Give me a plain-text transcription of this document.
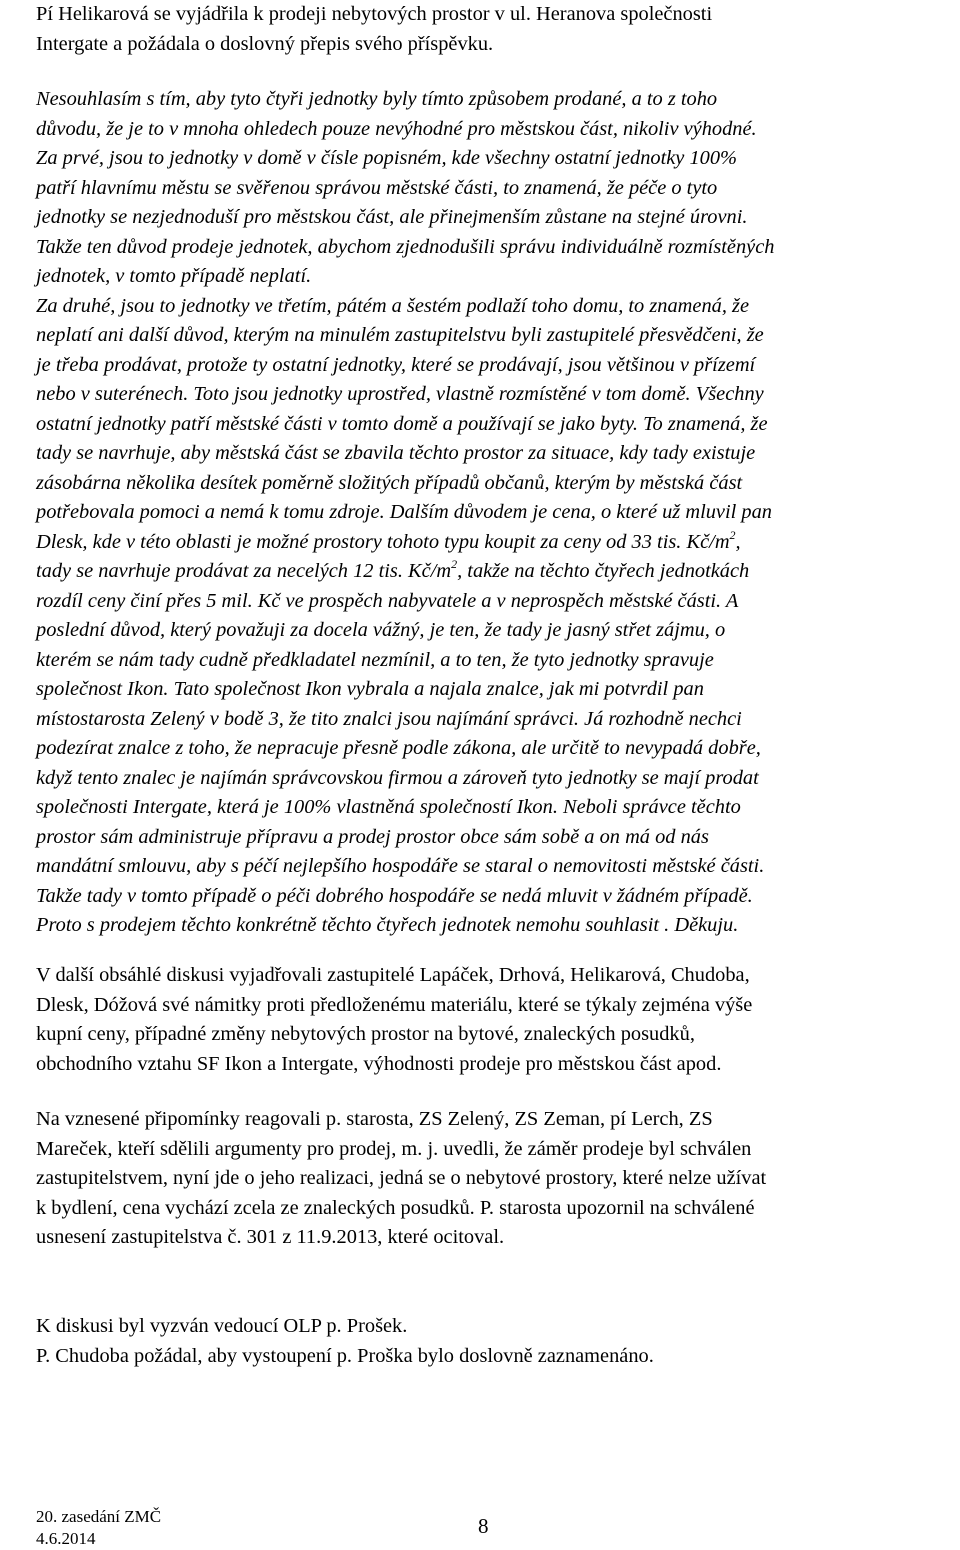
Pí Helikarová se vyjádřila k prodeji nebytových prostor v ul. Heranova společnosti
Intergate a požádala o doslovný přepis svého příspěvku.
Nesouhlasím s tím, aby tyto čtyři jednotky byly tímto způsobem prodané, a to z toho
důvodu, že je to v mnoha ohledech pouze nevýhodné pro městskou část, nikoliv výhodné.
Za prvé, jsou to jednotky v domě v čísle popisném, kde všechny ostatní jednotky 100%
patří hlavnímu městu se svěřenou správou městské části, to znamená, že péče o tyto
jednotky se nezjednoduší pro městskou část, ale přinejmenším zůstane na stejné úrovni.
Takže ten důvod prodeje jednotek, abychom zjednodušili správu individuálně rozmístěných
jednotek, v tomto případě neplatí.
Za druhé, jsou to jednotky ve třetím, pátém a šestém podlaží toho domu, to znamená, že
neplatí ani další důvod, kterým na minulém zastupitelstvu byli zastupitelé přesvědčeni, že
je třeba prodávat, protože ty ostatní jednotky, které se prodávají, jsou většinou v přízemí
nebo v suterénech. Toto jsou jednotky uprostřed, vlastně rozmístěné v tom domě. Všechny
ostatní jednotky patří městské části v tomto domě a používají se jako byty. To znamená, že
tady se navrhuje, aby městská část se zbavila těchto prostor za situace, kdy tady existuje
zásobárna několika desítek poměrně složitých případů občanů, kterým by městská část
potřebovala pomoci a nemá k tomu zdroje. Dalším důvodem je cena, o které už mluvil pan
Dlesk, kde v této oblasti je možné prostory tohoto typu koupit za ceny od 33 tis. $Kč/m^2$,
tady se navrhuje prodávat za necelých 12 tis. $Kč/m^2$, takže na těchto čtyřech jednotkách
rozdíl ceny činí přes 5 mil. Kč ve prospěch nabyvatele a v neprospěch městské části. A
poslední důvod, který považuji za docela vážný, je ten, že tady je jasný střet zájmu, o
kterém se nám tady cudně předkladatel nezmínil, a to ten, že tyto jednotky spravuje
společnost Ikon. Tato společnost Ikon vybrala a najala znalce, jak mi potvrdil pan
místostarosta Zelený v bodě 3, že tito znalci jsou najímání správci. Já rozhodně nechci
podezírat znalce z toho, že nepracuje přesně podle zákona, ale určitě to nevypadá dobře,
když tento znalec je najímán správcovskou firmou a zároveň tyto jednotky se mají prodat
společnosti Intergate, která je 100% vlastněná společností Ikon. Neboli správce těchto
prostor sám administruje přípravu a prodej prostor obce sám sobě a on má od nás
mandátní smlouvu, aby s péčí nejlepšího hospodáře se staral o nemovitosti městské části.
Takže tady v tomto případě o péči dobrého hospodáře se nedá mluvit v žádném případě.
Proto s prodejem těchto konkrétně těchto čtyřech jednotek nemohu souhlasit . Děkuju.
V další obsáhlé diskusi vyjadřovali zastupitelé Lapáček, Drhová, Helikarová, Chudoba,
Dlesk, Dóžová své námitky proti předloženému materiálu, které se týkaly zejména výše
kupní ceny, případné změny nebytových prostor na bytové, znaleckých posudků,
obchodního vztahu SF Ikon a Intergate, výhodnosti prodeje pro městskou část apod.
Na vznesené připomínky reagovali p. starosta, ZS Zelený, ZS Zeman, pí Lerch, ZS
Mareček, kteří sdělili argumenty pro prodej, m. j. uvedli, že záměr prodeje byl schválen
zastupitelstvem, nyní jde o jeho realizaci, jedná se o nebytové prostory, které nelze užívat
k bydlení, cena vychází zcela ze znaleckých posudků. P. starosta upozornil na schválené
usnesení zastupitelstva č. 301 z 11.9.2013, které ocitoval.
K diskusi byl vyzván vedoucí OLP p. Prošek.
P. Chudoba požádal, aby vystoupení p. Proška bylo doslovně zaznamenáno.
20. zasedání ZMČ
4.6.2014
8
